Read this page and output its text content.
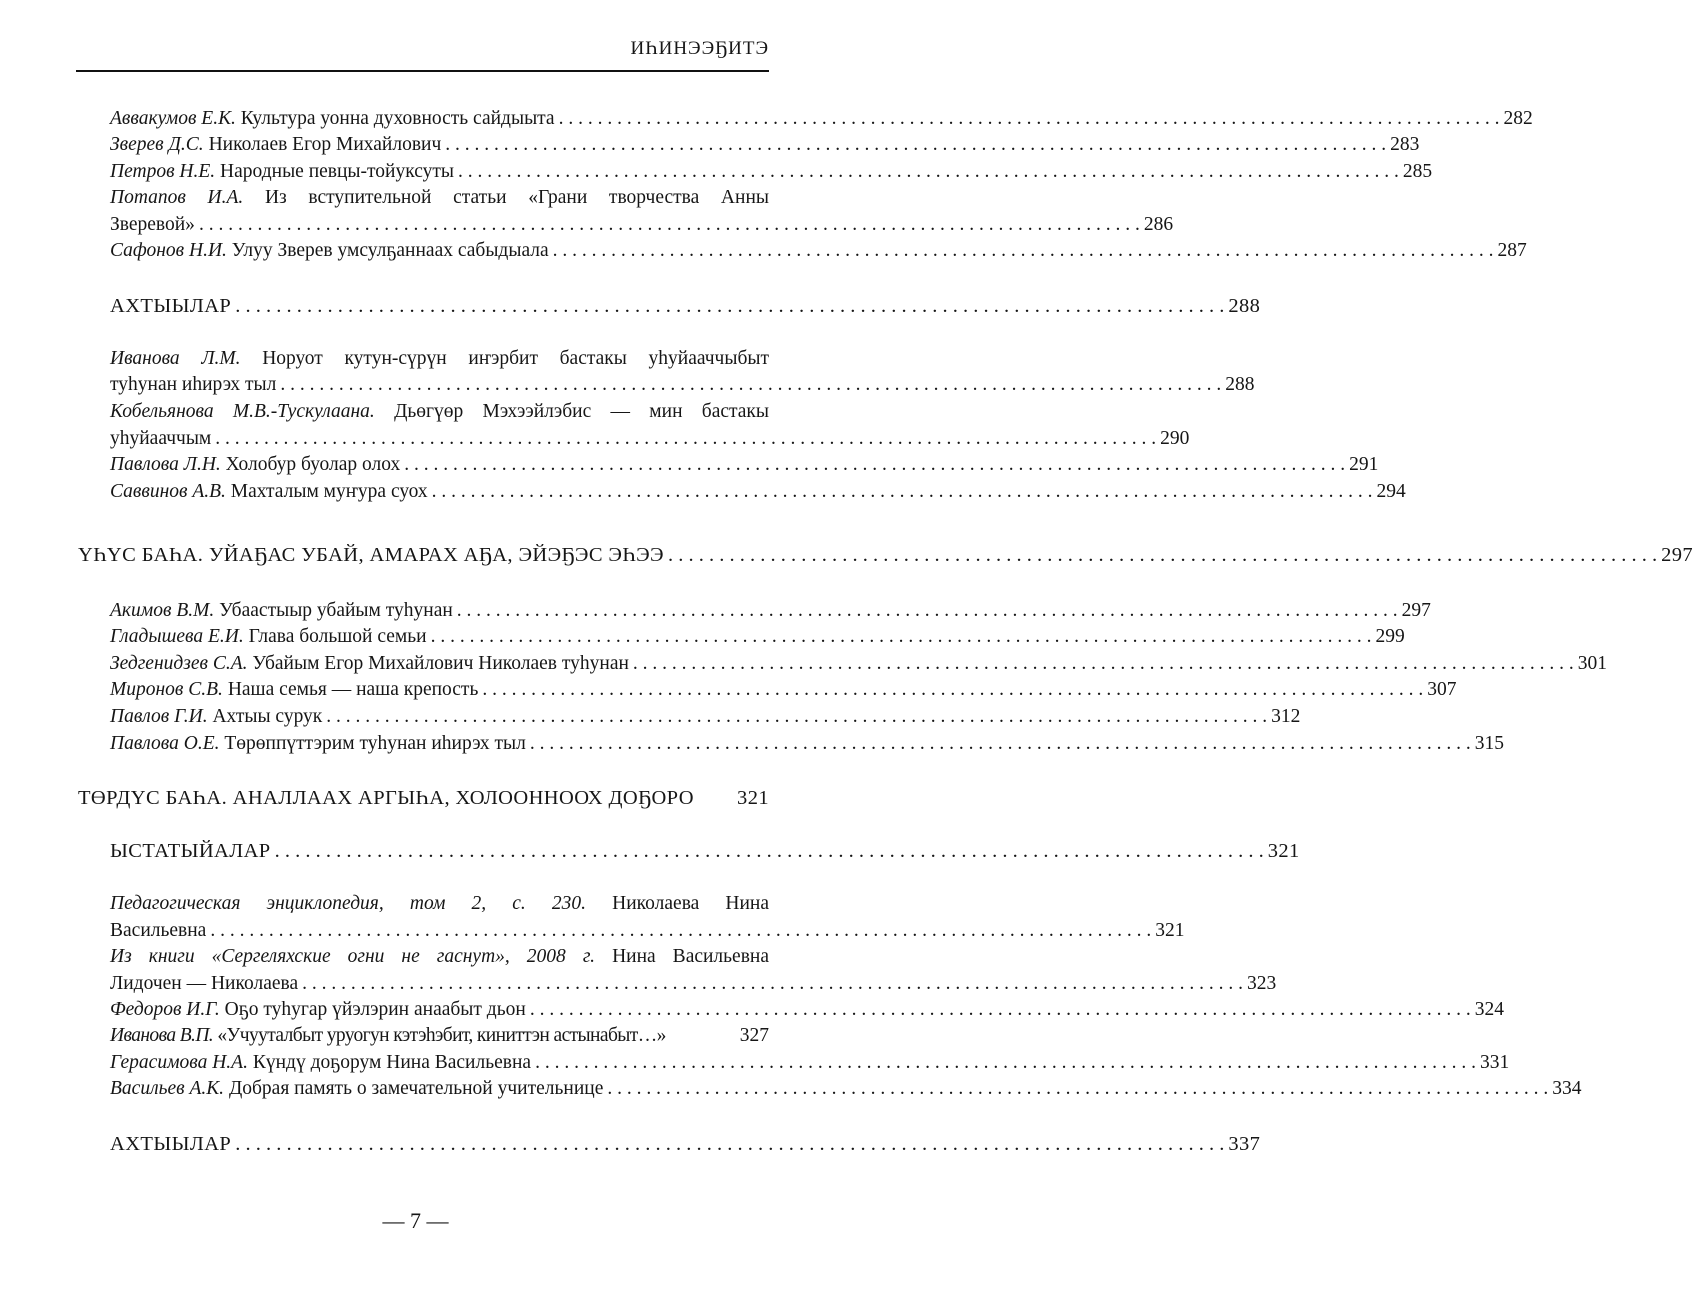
ИҺИНЭЭҔИТЭ
Аввакумов Е.К. Культура уонна духовность сайдыыта . . .	282
Зверев Д.С. Николаев Егор Михайлович . . .	283
Петров Н.Е. Народные певцы-тойуксуты . . .	285
Потапов И.А. Из вступительной статьи «Грани творчества Анны
Зверевой» . . .	286
Сафонов Н.И. Улуу Зверев умсулҕаннаах сабыдыала . . .	287
АХТЫЫЛАР . . .	288
Иванова Л.М. Норуот кутун-сүрүн иҥэрбит бастакы уһуйааччыбыт
туһунан иһирэх тыл . . .	288
Кобельянова М.В.-Тускулаана. Дьөгүөр Мэхээйлэбис — мин бастакы
уһуйааччым . . .	290
Павлова Л.Н. Холобур буолар олох . . .	291
Саввинов А.В. Махталым муҥура суох . . .	294
ҮҺҮС БАҺА. УЙАҔАС УБАЙ, АМАРАХ АҔА, ЭЙЭҔЭС ЭҺЭЭ . . .	297
Акимов В.М. Убаастыыр убайым туһунан . . .	297
Гладышева Е.И. Глава большой семьи . . .	299
Зедгенидзев С.А. Убайым Егор Михайлович Николаев туһунан . . .	301
Миронов С.В. Наша семья — наша крепость . . .	307
Павлов Г.И. Ахтыы сурук . . .	312
Павлова О.Е. Төрөппүттэрим туһунан иһирэх тыл . . .	315
ТӨРДҮС БАҺА. АНАЛЛААХ АРГЫҺА, ХОЛООННООХ ДОҔОРО 321
ЫСТАТЫЙАЛАР . . .	321
Педагогическая энциклопедия, том 2, с. 230. Николаева Нина
Васильевна . . .	321
Из книги «Сергеляхские огни не гаснут», 2008 г. Нина Васильевна
Лидочен — Николаева . . .	323
Федоров И.Г. Оҕо туһугар үйэлэрин анаабыт дьон . . .	324
Иванова В.П. «Учууталбыт уруогун кэтэһэбит, киниттэн астынабыт…»	327
Герасимова Н.А. Күндү доҕорум Нина Васильевна . . .	331
Васильев А.К. Добрая память о замечательной учительнице . . .	334
АХТЫЫЛАР . . .	337
— 7 —
